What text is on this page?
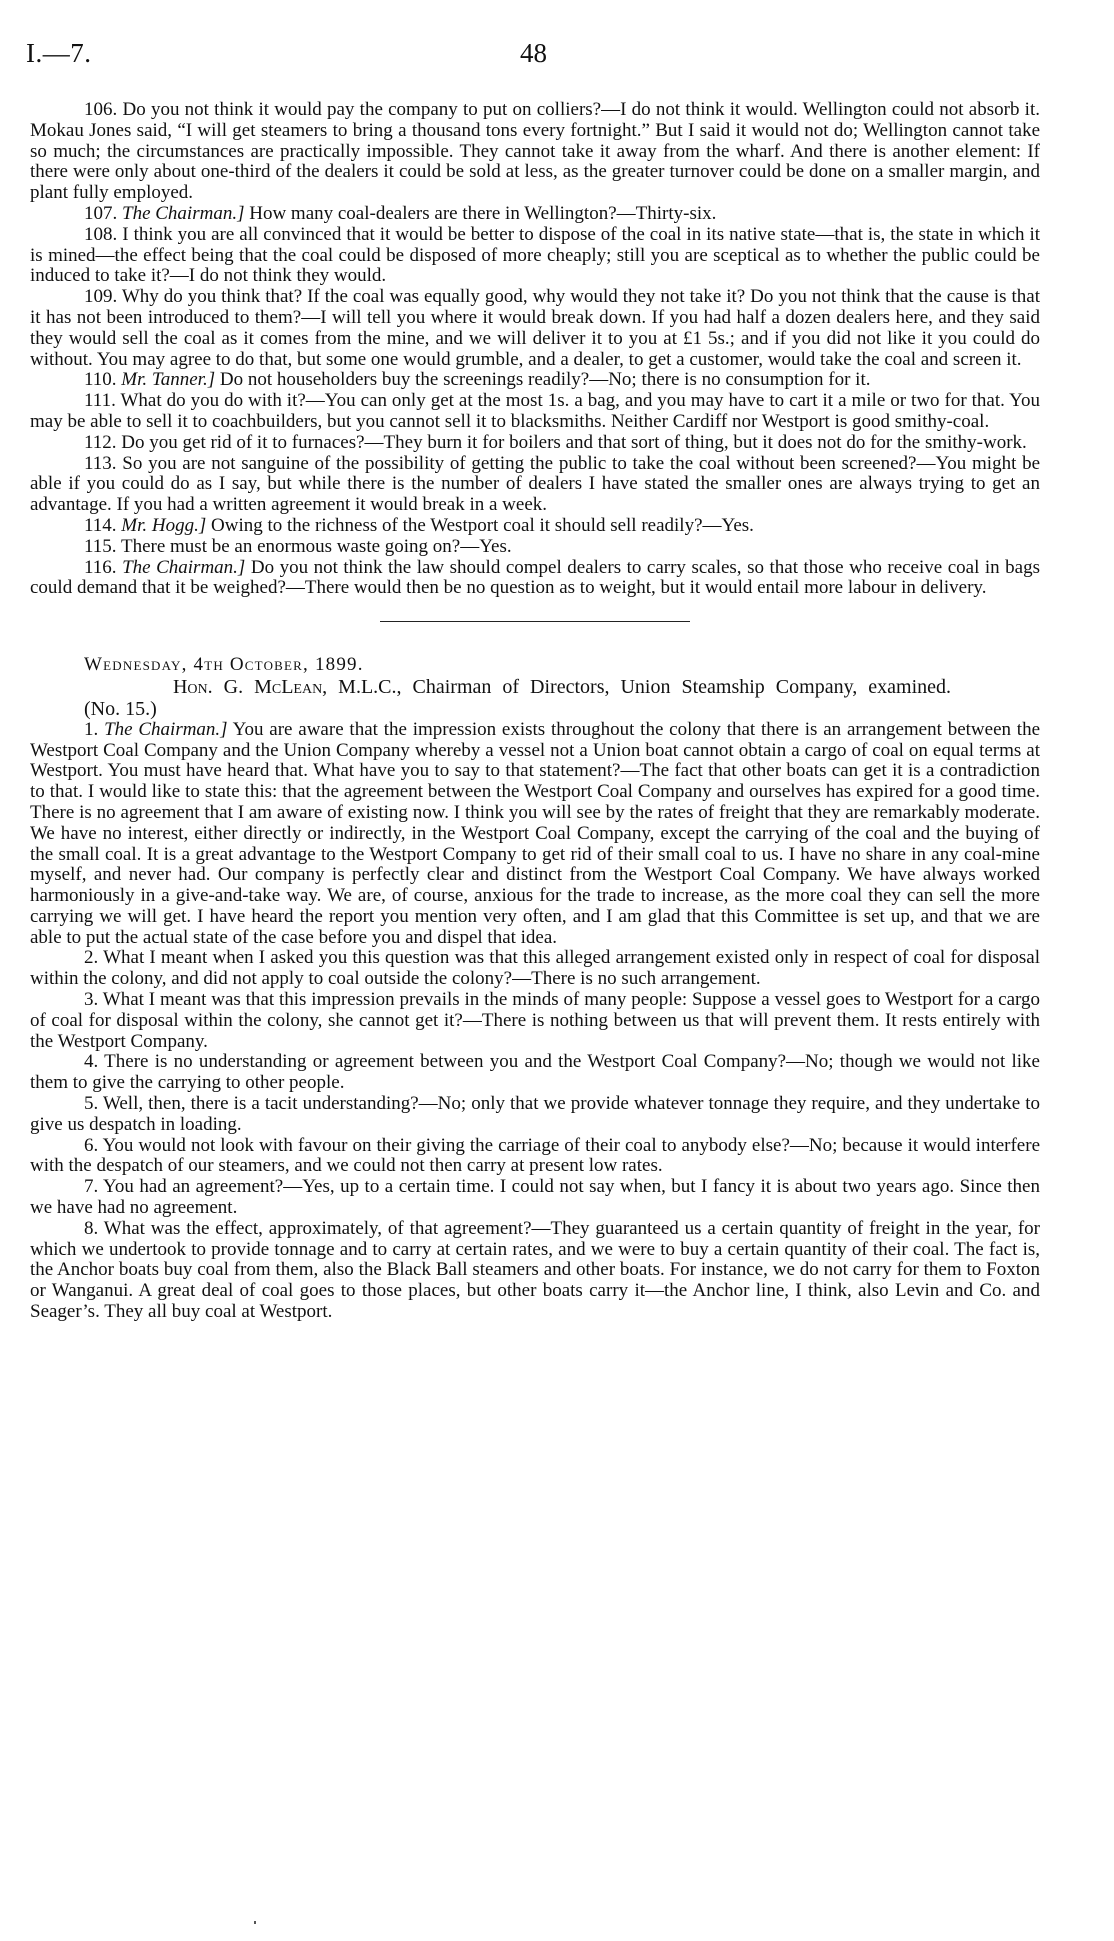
I.—7.	48

106. Do you not think it would pay the company to put on colliers?—I do not think it would. Wellington could not absorb it. Mokau Jones said, “I will get steamers to bring a thousand tons every fortnight.” But I said it would not do; Wellington cannot take so much; the circumstances are practically impossible. They cannot take it away from the wharf. And there is another element: If there were only about one-third of the dealers it could be sold at less, as the greater turnover could be done on a smaller margin, and plant fully employed.

107. The Chairman.] How many coal-dealers are there in Wellington?—Thirty-six.

108. I think you are all convinced that it would be better to dispose of the coal in its native state—that is, the state in which it is mined—the effect being that the coal could be disposed of more cheaply; still you are sceptical as to whether the public could be induced to take it?—I do not think they would.

109. Why do you think that? If the coal was equally good, why would they not take it? Do you not think that the cause is that it has not been introduced to them?—I will tell you where it would break down. If you had half a dozen dealers here, and they said they would sell the coal as it comes from the mine, and we will deliver it to you at £1 5s.; and if you did not like it you could do without. You may agree to do that, but some one would grumble, and a dealer, to get a customer, would take the coal and screen it.

110. Mr. Tanner.] Do not householders buy the screenings readily?—No; there is no consumption for it.

111. What do you do with it?—You can only get at the most 1s. a bag, and you may have to cart it a mile or two for that. You may be able to sell it to coachbuilders, but you cannot sell it to blacksmiths. Neither Cardiff nor Westport is good smithy-coal.

112. Do you get rid of it to furnaces?—They burn it for boilers and that sort of thing, but it does not do for the smithy-work.

113. So you are not sanguine of the possibility of getting the public to take the coal without been screened?—You might be able if you could do as I say, but while there is the number of dealers I have stated the smaller ones are always trying to get an advantage. If you had a written agreement it would break in a week.

114. Mr. Hogg.] Owing to the richness of the Westport coal it should sell readily?—Yes.

115. There must be an enormous waste going on?—Yes.

116. The Chairman.] Do you not think the law should compel dealers to carry scales, so that those who receive coal in bags could demand that it be weighed?—There would then be no question as to weight, but it would entail more labour in delivery.

Wednesday, 4th October, 1899.

Hon. G. McLean, M.L.C., Chairman of Directors, Union Steamship Company, examined.

(No. 15.)

1. The Chairman.] You are aware that the impression exists throughout the colony that there is an arrangement between the Westport Coal Company and the Union Company whereby a vessel not a Union boat cannot obtain a cargo of coal on equal terms at Westport. You must have heard that. What have you to say to that statement?—The fact that other boats can get it is a contradiction to that. I would like to state this: that the agreement between the Westport Coal Company and ourselves has expired for a good time. There is no agreement that I am aware of existing now. I think you will see by the rates of freight that they are remarkably moderate. We have no interest, either directly or indirectly, in the Westport Coal Company, except the carrying of the coal and the buying of the small coal. It is a great advantage to the Westport Company to get rid of their small coal to us. I have no share in any coal-mine myself, and never had. Our company is perfectly clear and distinct from the Westport Coal Company. We have always worked harmoniously in a give-and-take way. We are, of course, anxious for the trade to increase, as the more coal they can sell the more carrying we will get. I have heard the report you mention very often, and I am glad that this Committee is set up, and that we are able to put the actual state of the case before you and dispel that idea.

2. What I meant when I asked you this question was that this alleged arrangement existed only in respect of coal for disposal within the colony, and did not apply to coal outside the colony?—There is no such arrangement.

3. What I meant was that this impression prevails in the minds of many people: Suppose a vessel goes to Westport for a cargo of coal for disposal within the colony, she cannot get it?—There is nothing between us that will prevent them. It rests entirely with the Westport Company.

4. There is no understanding or agreement between you and the Westport Coal Company?—No; though we would not like them to give the carrying to other people.

5. Well, then, there is a tacit understanding?—No; only that we provide whatever tonnage they require, and they undertake to give us despatch in loading.

6. You would not look with favour on their giving the carriage of their coal to anybody else?—No; because it would interfere with the despatch of our steamers, and we could not then carry at present low rates.

7. You had an agreement?—Yes, up to a certain time. I could not say when, but I fancy it is about two years ago. Since then we have had no agreement.

8. What was the effect, approximately, of that agreement?—They guaranteed us a certain quantity of freight in the year, for which we undertook to provide tonnage and to carry at certain rates, and we were to buy a certain quantity of their coal. The fact is, the Anchor boats buy coal from them, also the Black Ball steamers and other boats. For instance, we do not carry for them to Foxton or Wanganui. A great deal of coal goes to those places, but other boats carry it—the Anchor line, I think, also Levin and Co. and Seager’s. They all buy coal at Westport.
